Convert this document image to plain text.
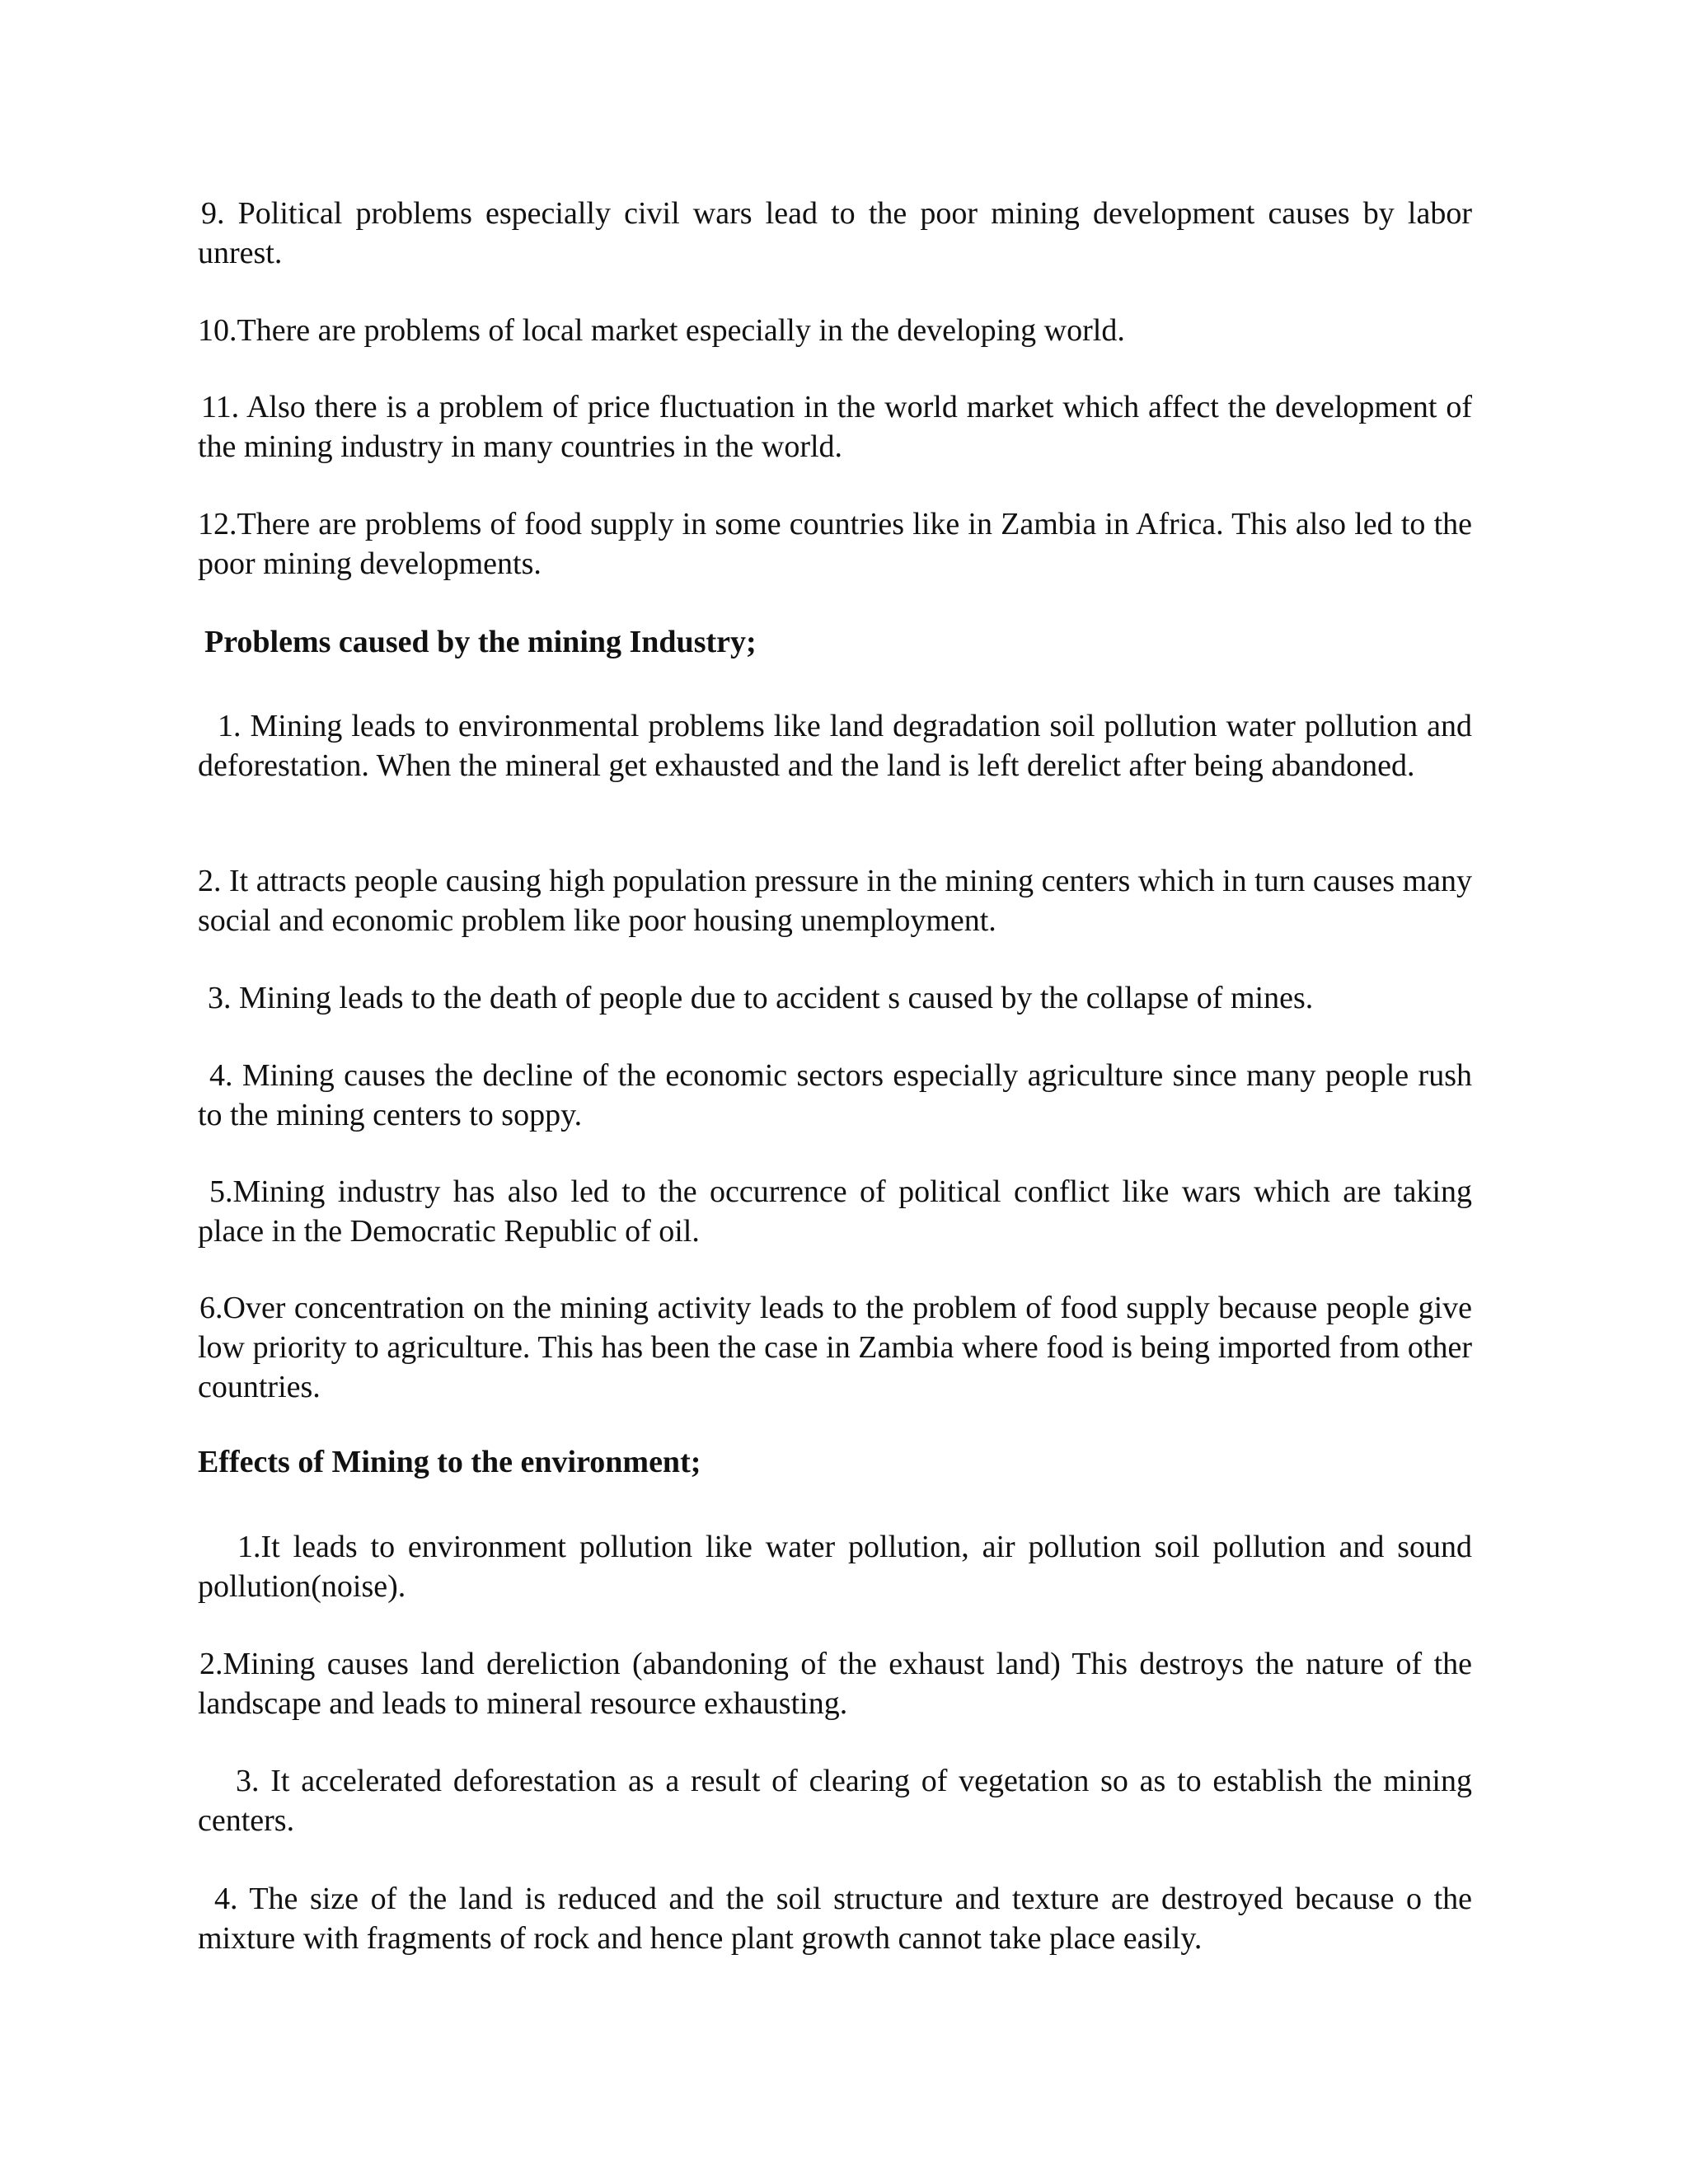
9. Political problems especially civil wars lead to the poor mining development causes by labor unrest.

10.There are problems of local market especially in the developing world.

11. Also there is a problem of price fluctuation in the world market which affect the development of the mining industry in many countries in the world.

12.There are problems of food supply in some countries like in Zambia in Africa. This also led to the poor mining developments.

Problems caused by the mining Industry;

1. Mining leads to environmental problems like land degradation soil pollution water pollution and deforestation. When the mineral get exhausted and the land is left derelict after being abandoned.

2. It attracts people causing high population pressure in the mining centers which in turn causes many social and economic problem like poor housing unemployment.

3. Mining leads to the death of people due to accident s caused by the collapse of mines.

4. Mining causes the decline of the economic sectors especially agriculture since many people rush to the mining centers to soppy.

5.Mining industry has also led to the occurrence of political conflict like wars which are taking place in the Democratic Republic of oil.

6.Over concentration on the mining activity leads to the problem of food supply because people give low priority to agriculture. This has been the case in Zambia where food is being imported from other countries.

Effects of Mining to the environment;

1.It leads to environment pollution like water pollution, air pollution soil pollution and sound pollution(noise).

2.Mining causes land dereliction (abandoning of the exhaust land) This destroys the nature of the landscape and leads to mineral resource exhausting.

3. It accelerated deforestation as a result of clearing of vegetation so as to establish the mining centers.

4. The size of the land is reduced and the soil structure and texture are destroyed because o the mixture with fragments of rock and hence plant growth cannot take place easily.
